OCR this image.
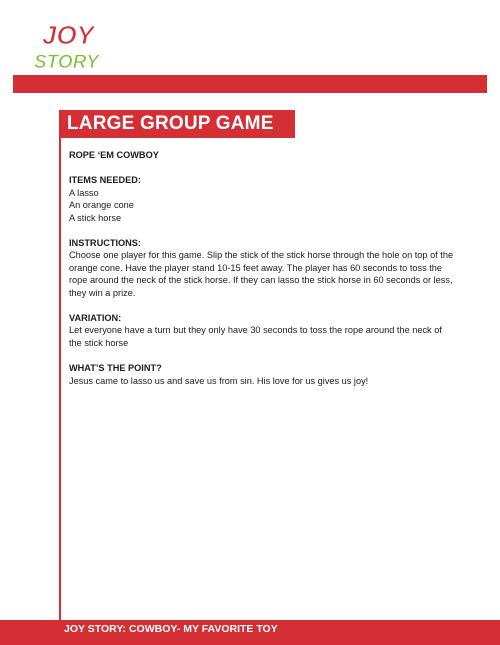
JOY
STORY
LARGE GROUP GAME
ROPE ‘EM COWBOY
ITEMS NEEDED:
A lasso
An orange cone
A stick horse
INSTRUCTIONS:
Choose one player for this game. Slip the stick of the stick horse through the hole on top of the orange cone. Have the player stand 10-15 feet away. The player has 60 seconds to toss the rope around the neck of the stick horse. If they can lasso the stick horse in 60 seconds or less, they win a prize.
VARIATION:
Let everyone have a turn but they only have 30 seconds to toss the rope around the neck of the stick horse
WHAT’S THE POINT?
Jesus came to lasso us and save us from sin. His love for us gives us joy!
JOY STORY: COWBOY- MY FAVORITE TOY
